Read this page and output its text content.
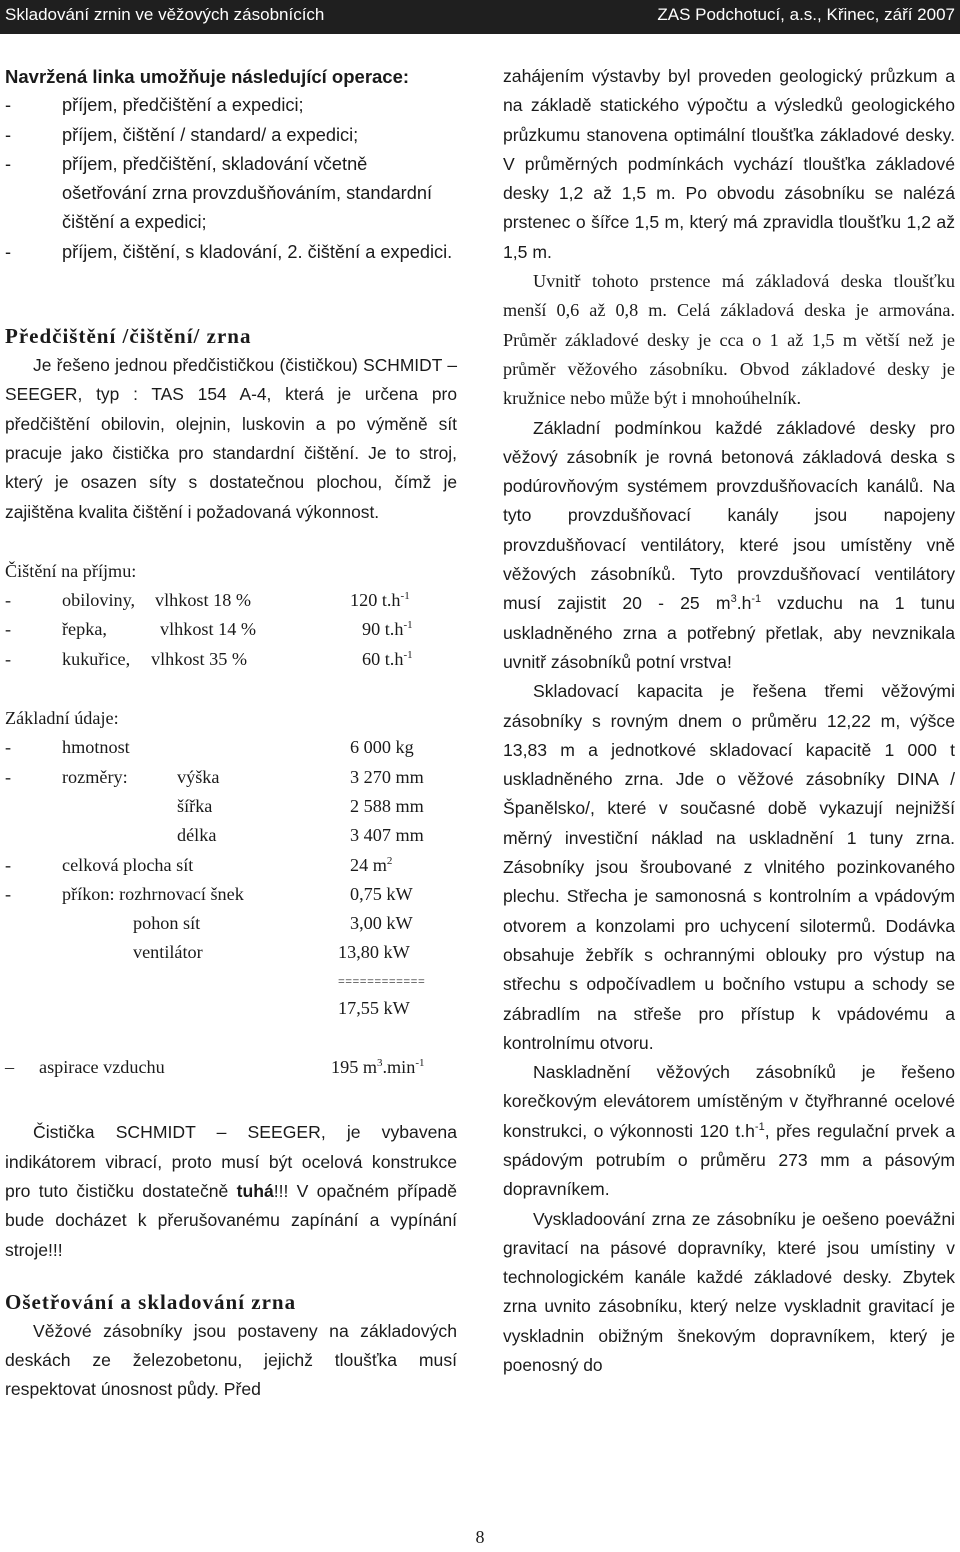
Skladování zrnin ve věžových zásobnících	ZAS Podchotucí, a.s., Křinec, září 2007

Navržená linka umožňuje následující operace:

- příjem, předčištění a expedici;
- příjem, čištění / standard/ a expedici;
- příjem, předčištění, skladování včetně ošetřování zrna provzdušňováním, standardní čištění a expedici;
- příjem, čištění, s kladování, 2. čištění a expedici.

Předčištění /čištění/ zrna

Je řešeno jednou předčističkou (čističkou) SCHMIDT – SEEGER, typ : TAS 154 A-4, která je určena pro předčištění obilovin, olejnin, luskovin a po výměně sít pracuje jako čistička pro standardní čištění. Je to stroj, který je osazen síty s dostatečnou plochou, čímž je zajištěna kvalita čištění i požadovaná výkonnost.

Čištění na příjmu:

-	obiloviny, vlhkost 18 %	120 $t.h^{-1}$
-	řepka,	vlhkost 14 %	90 $t.h^{-1}$
-	kukuřice, vlhkost 35 %	60 $t.h^{-1}$

Základní údaje:

-	hmotnost	6 000 kg
-	rozměry:	výška	3 270 mm
šířka	2 588 mm
délka	3 407 mm
-	celková plocha sít	24 $m^2$
-	příkon: rozhrnovací šnek	0,75 kW
pohon sít	3,00 kW
ventilátor	13,80 kW
============
17,55 kW
– aspirace vzduchu	195 $m^3.\min^{-1}$

Čistička SCHMIDT – SEEGER, je vybavena indikátorem vibrací, proto musí být ocelová konstrukce pro tuto čističku dostatečně tuhá!!! V opačném případě bude docházet k přerušovanému zapínání a vypínání stroje!!!

Ošetřování a skladování zrna

Věžové zásobníky jsou postaveny na základových deskách ze železobetonu, jejichž tloušťka musí respektovat únosnost půdy. Před

zahájením výstavby byl proveden geologický průzkum a na základě statického výpočtu a výsledků geologického průzkumu stanovena optimální tloušťka základové desky. V průměrných podmínkách vychází tloušťka základové desky 1,2 až 1,5 m. Po obvodu zásobníku se nalézá prstenec o šířce 1,5 m, který má zpravidla tloušťku 1,2 až 1,5 m.

Uvnitř tohoto prstence má základová deska tloušťku menší 0,6 až 0,8 m. Celá základová deska je armována. Průměr základové desky je cca o 1 až 1,5 m větší než je průměr věžového zásobníku. Obvod základové desky je kružnice nebo může být i mnohoúhelník.

Základní podmínkou každé základové desky pro věžový zásobník je rovná betonová základová deska s podúrovňovým systémem provzdušňovacích kanálů. Na tyto provzdušňovací kanály jsou napojeny provzdušňovací ventilátory, které jsou umístěny vně věžových zásobníků. Tyto provzdušňovací ventilátory musí zajistit 20 - 25 $m^3.h^{-1}$ vzduchu na 1 tunu uskladněného zrna a potřebný přetlak, aby nevznikala uvnitř zásobníků potní vrstva!

Skladovací kapacita je řešena třemi věžovými zásobníky s rovným dnem o průměru 12,22 m, výšce 13,83 m a jednotkové skladovací kapacitě 1 000 t uskladněného zrna. Jde o věžové zásobníky DINA /Španělsko/, které v současné době vykazují nejnižší měrný investiční náklad na uskladnění 1 tuny zrna. Zásobníky jsou šroubované z vlnitého pozinkovaného plechu. Střecha je samonosná s kontrolním a vpádovým otvorem a konzolami pro uchycení silotermů. Dodávka obsahuje žebřík s ochrannými oblouky pro výstup na střechu s odpočívadlem u bočního vstupu a schody se zábradlím na střeše pro přístup k vpádovému a kontrolnímu otvoru.

Naskladnění věžových zásobníků je řešeno korečkovým elevátorem umístěným v čtyřhranné ocelové konstrukci, o výkonnosti 120 $t.h^{-1}$, přes regulační prvek a spádovým potrubím o průměru 273 mm a pásovým dopravníkem.

Vyskladoování zrna ze zásobníku je oešeno poevážni gravitací na pásové dopravníky, které jsou umístiny v technologickém kanále každé základové desky. Zbytek zrna uvnito zásobníku, který nelze vyskladnit gravitací je vyskladnin obižným šnekovým dopravníkem, který je poenosný do

8
